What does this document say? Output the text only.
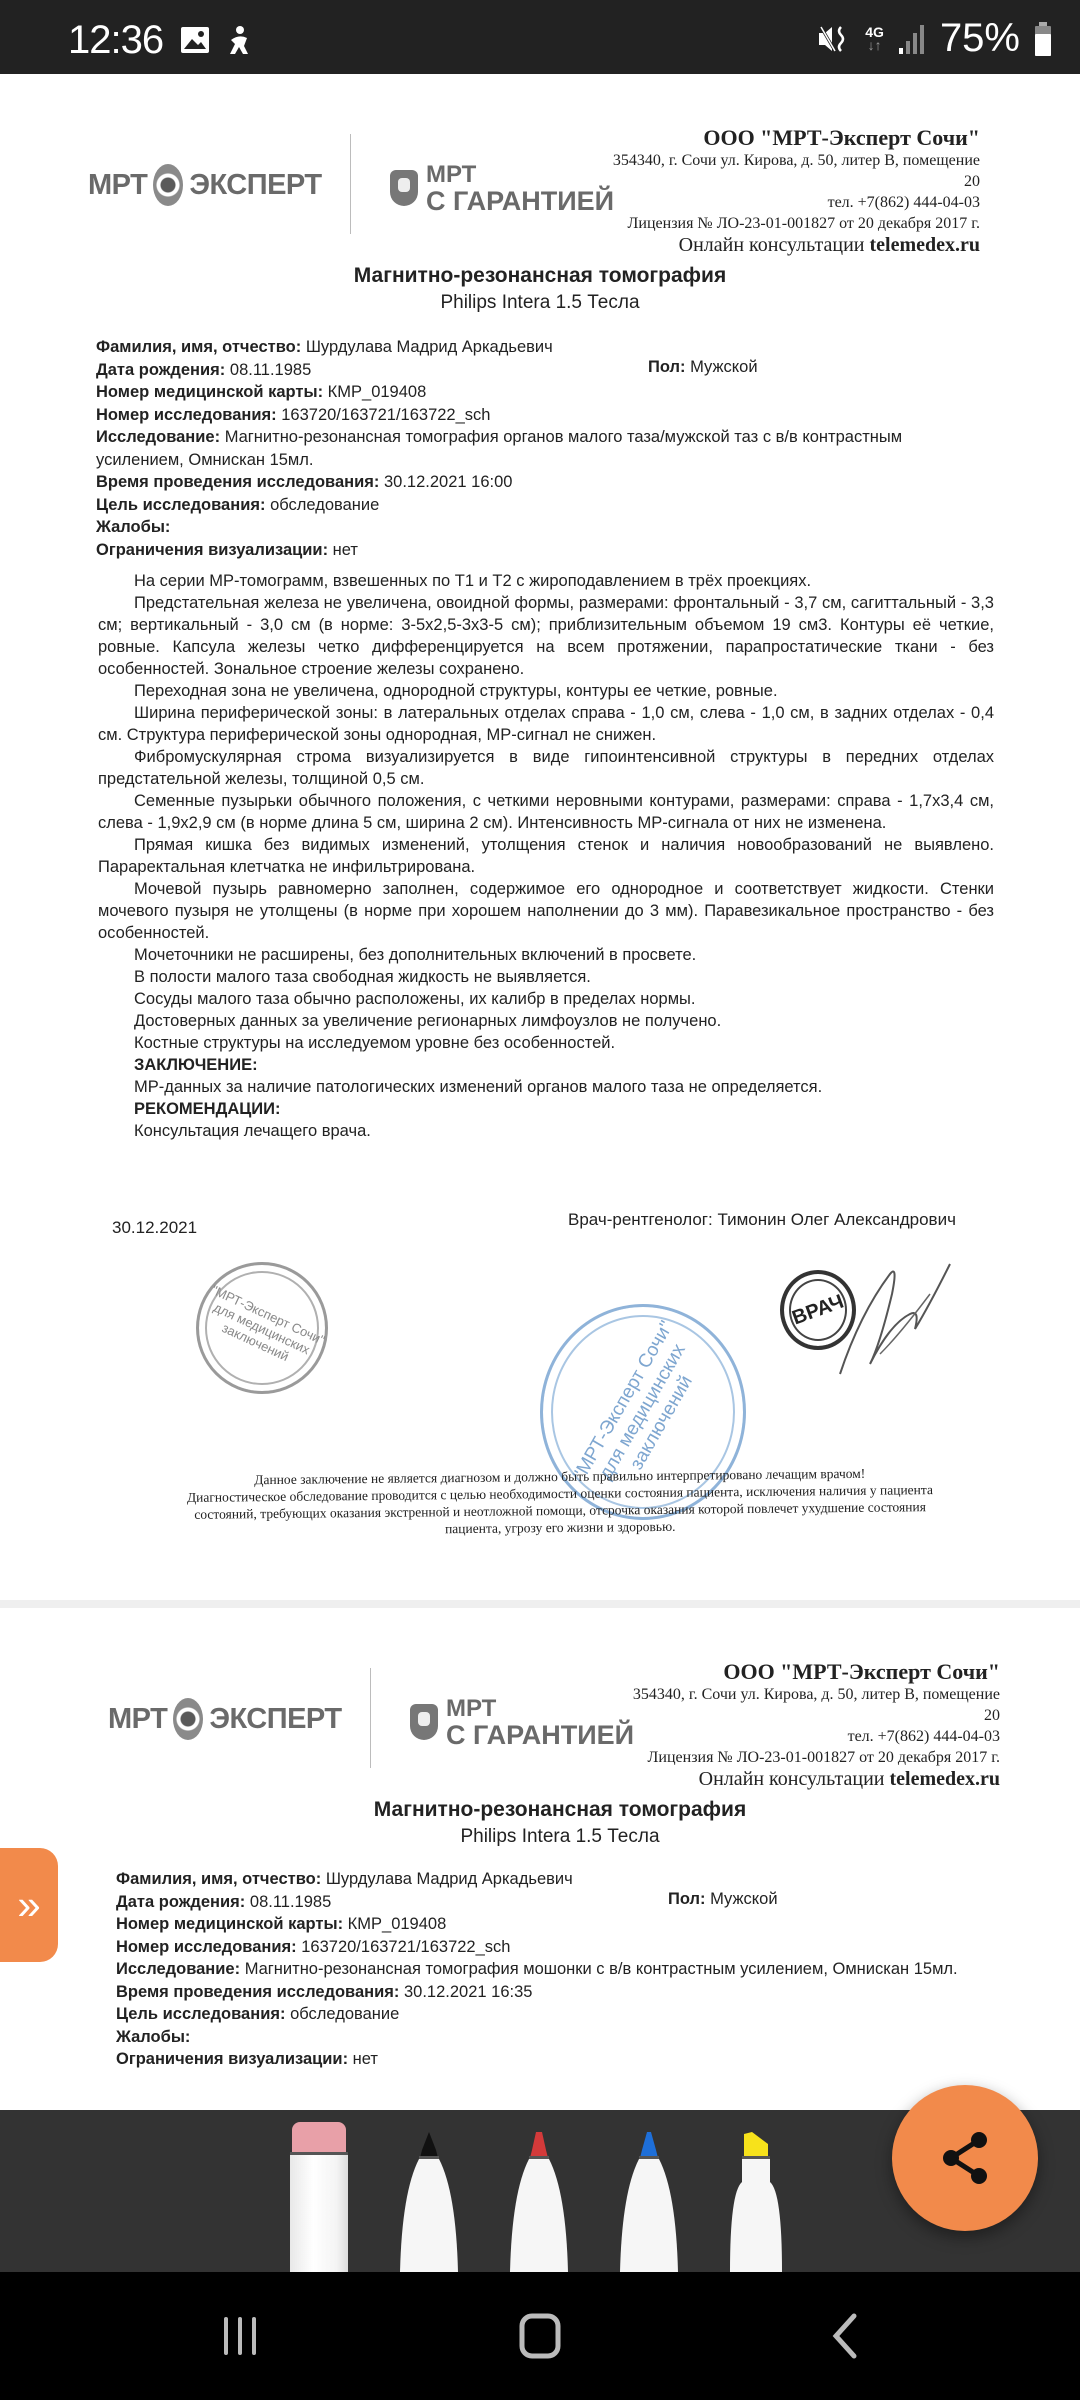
12:36	4G
↓↑ 75%
МРТ ЭКСПЕРТ	МРТ
С ГАРАНТИЕЙ
ООО "МРТ-Эксперт Сочи"
354340, г. Сочи ул. Кирова, д. 50, литер В, помещение
20
тел. +7(862) 444-04-03
Лицензия № ЛО-23-01-001827 от 20 декабря 2017 г.
Онлайн консультации telemedex.ru
Магнитно-резонансная томография
Philips Intera 1.5 Тесла
Фамилия, имя, отчество: Шурдулава Мадрид Аркадьевич
Дата рождения: 08.11.1985
Номер медицинской карты: КМР_019408
Номер исследования: 163720/163721/163722_sch
Исследование: Магнитно-резонансная томография органов малого таза/мужской таз с в/в контрастным усилением, Омнискан 15мл.
Время проведения исследования: 30.12.2021 16:00
Цель исследования: обследование
Жалобы:
Ограничения визуализации: нет
Пол: Мужской

На серии МР-томограмм, взвешенных по Т1 и Т2 с жироподавлением в трёх проекциях.

Предстательная железа не увеличена, овоидной формы, размерами: фронтальный - 3,7 см, сагиттальный - 3,3 см; вертикальный - 3,0 см (в норме: 3-5х2,5-3х3-5 см); приблизительным объемом 19 см3. Контуры её четкие, ровные. Капсула железы четко дифференцируется на всем протяжении, парапростатические ткани - без особенностей. Зональное строение железы сохранено.

Переходная зона не увеличена, однородной структуры, контуры ее четкие, ровные.

Ширина периферической зоны: в латеральных отделах справа - 1,0 см, слева - 1,0 см, в задних отделах - 0,4 см. Структура периферической зоны однородная, МР-сигнал не снижен.

Фибромускулярная строма визуализируется в виде гипоинтенсивной структуры в передних отделах предстательной железы, толщиной 0,5 см.

Семенные пузырьки обычного положения, с четкими неровными контурами, размерами: справа - 1,7х3,4 см, слева - 1,9х2,9 см (в норме длина 5 см, ширина 2 см). Интенсивность МР-сигнала от них не изменена.

Прямая кишка без видимых изменений, утолщения стенок и наличия новообразований не выявлено. Параректальная клетчатка не инфильтрирована.

Мочевой пузырь равномерно заполнен, содержимое его однородное и соответствует жидкости. Стенки мочевого пузыря не утолщены (в норме при хорошем наполнении до 3 мм). Паравезикальное пространство - без особенностей.

Мочеточники не расширены, без дополнительных включений в просвете.

В полости малого таза свободная жидкость не выявляется.

Сосуды малого таза обычно расположены, их калибр в пределах нормы.

Достоверных данных за увеличение регионарных лимфоузлов не получено.

Костные структуры на исследуемом уровне без особенностей.

ЗАКЛЮЧЕНИЕ:

МР-данных за наличие патологических изменений органов малого таза не определяется.

РЕКОМЕНДАЦИИ:

Консультация лечащего врача.

30.12.2021	Врач-рентгенолог: Тимонин Олег Александрович
"МРТ-Эксперт Сочи" для медицинских заключений	"МРТ-Эксперт Сочи" для медицинских заключений
ВРАЧ
Данное заключение не является диагнозом и должно быть правильно интерпретировано лечащим врачом!
Диагностическое обследование проводится с целью необходимости оценки состояния пациента, исключения наличия у пациента
состояний, требующих оказания экстренной и неотложной помощи, отсрочка оказания которой повлечет ухудшение состояния
пациента, угрозу его жизни и здоровью.
МРТ ЭКСПЕРТ	МРТ
С ГАРАНТИЕЙ
ООО "МРТ-Эксперт Сочи"
354340, г. Сочи ул. Кирова, д. 50, литер В, помещение
20
тел. +7(862) 444-04-03
Лицензия № ЛО-23-01-001827 от 20 декабря 2017 г.
Онлайн консультации telemedex.ru
Магнитно-резонансная томография
Philips Intera 1.5 Тесла
Фамилия, имя, отчество: Шурдулава Мадрид Аркадьевич
Дата рождения: 08.11.1985
Номер медицинской карты: КМР_019408
Номер исследования: 163720/163721/163722_sch
Исследование: Магнитно-резонансная томография мошонки с в/в контрастным усилением, Омнискан 15мл.
Время проведения исследования: 30.12.2021 16:35
Цель исследования: обследование
Жалобы:
Ограничения визуализации: нет
Пол: Мужской
»
